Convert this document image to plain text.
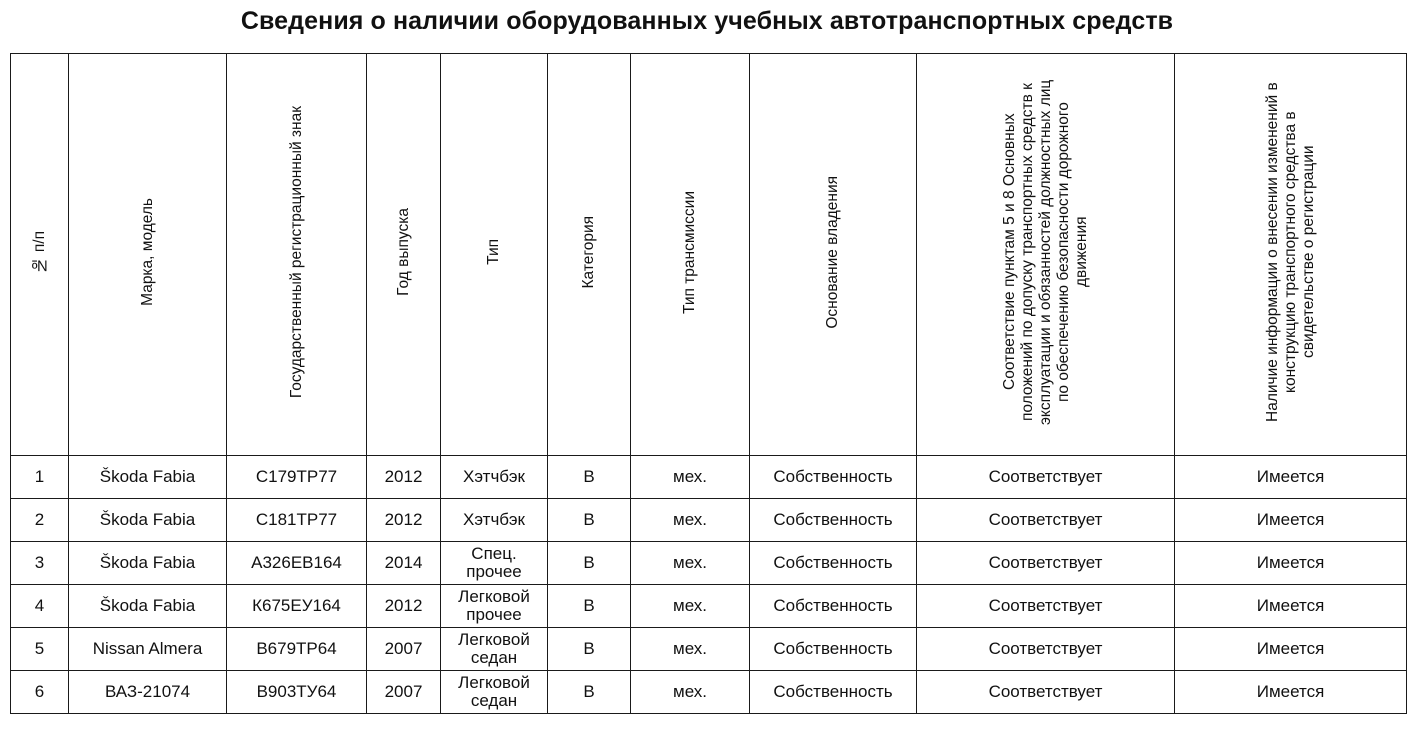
Сведения о наличии оборудованных учебных автотранспортных средств
№ п/п	Марка, модель	Государственный регистрационный знак	Год выпуска	Тип	Категория	Тип трансмиссии	Основание владения	Соответствие пунктам 5 и 8 Основных положений по допуску транспортных средств к эксплуатации и обязанностей должностных лиц по обеспечению безопасности дорожного движения	Наличие информации о внесении изменений в конструкцию транспортного средства в свидетельстве о регистрации
1	Škoda Fabia	С179ТР77	2012	Хэтчбэк	В	мех.	Собственность	Соответствует	Имеется
2	Škoda Fabia	С181ТР77	2012	Хэтчбэк	В	мех.	Собственность	Соответствует	Имеется
3	Škoda Fabia	А326ЕВ164	2014	Спец. прочее	В	мех.	Собственность	Соответствует	Имеется
4	Škoda Fabia	К675ЕУ164	2012	Легковой прочее	В	мех.	Собственность	Соответствует	Имеется
5	Nissan Almera	В679ТР64	2007	Легковой седан	В	мех.	Собственность	Соответствует	Имеется
6	ВАЗ-21074	В903ТУ64	2007	Легковой седан	В	мех.	Собственность	Соответствует	Имеется
